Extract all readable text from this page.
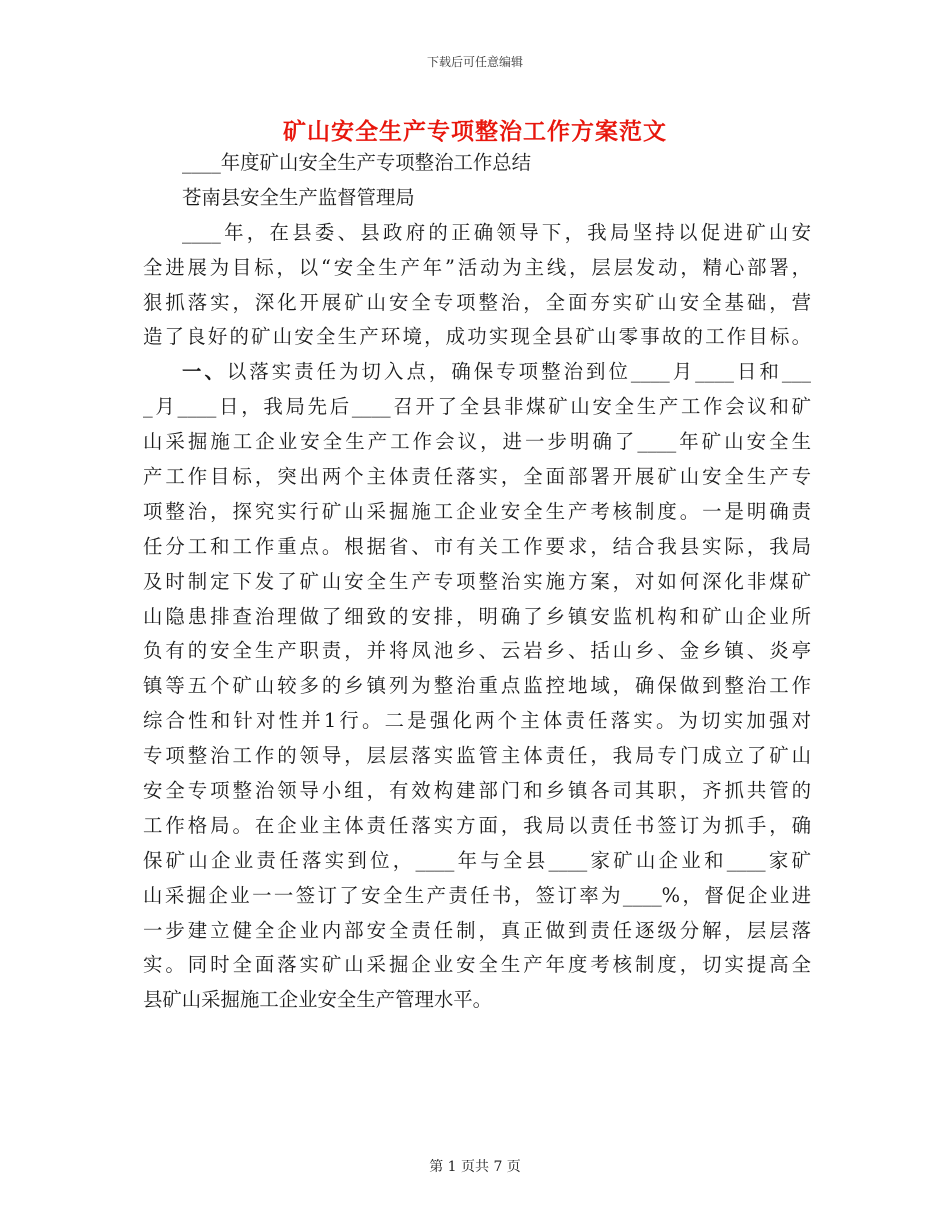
下载后可任意编辑
矿山安全生产专项整治工作方案范文
____年度矿山安全生产专项整治工作总结
苍南县安全生产监督管理局
____年，在县委、县政府的正确领导下，我局坚持以促进矿山安
全进展为目标，以“安全生产年”活动为主线，层层发动，精心部署，
狠抓落实，深化开展矿山安全专项整治，全面夯实矿山安全基础，营
造了良好的矿山安全生产环境，成功实现全县矿山零事故的工作目标。
一、以落实责任为切入点，确保专项整治到位____月____日和___
_月____日，我局先后____召开了全县非煤矿山安全生产工作会议和矿
山采掘施工企业安全生产工作会议，进一步明确了____年矿山安全生
产工作目标，突出两个主体责任落实，全面部署开展矿山安全生产专
项整治，探究实行矿山采掘施工企业安全生产考核制度。一是明确责
任分工和工作重点。根据省、市有关工作要求，结合我县实际，我局
及时制定下发了矿山安全生产专项整治实施方案，对如何深化非煤矿
山隐患排查治理做了细致的安排，明确了乡镇安监机构和矿山企业所
负有的安全生产职责，并将凤池乡、云岩乡、括山乡、金乡镇、炎亭
镇等五个矿山较多的乡镇列为整治重点监控地域，确保做到整治工作
综合性和针对性并1行。二是强化两个主体责任落实。为切实加强对
专项整治工作的领导，层层落实监管主体责任，我局专门成立了矿山
安全专项整治领导小组，有效构建部门和乡镇各司其职，齐抓共管的
工作格局。在企业主体责任落实方面，我局以责任书签订为抓手，确
保矿山企业责任落实到位，____年与全县____家矿山企业和____家矿
山采掘企业一一签订了安全生产责任书，签订率为____%，督促企业进
一步建立健全企业内部安全责任制，真正做到责任逐级分解，层层落
实。同时全面落实矿山采掘企业安全生产年度考核制度，切实提高全
县矿山采掘施工企业安全生产管理水平。
第 1 页共 7 页
